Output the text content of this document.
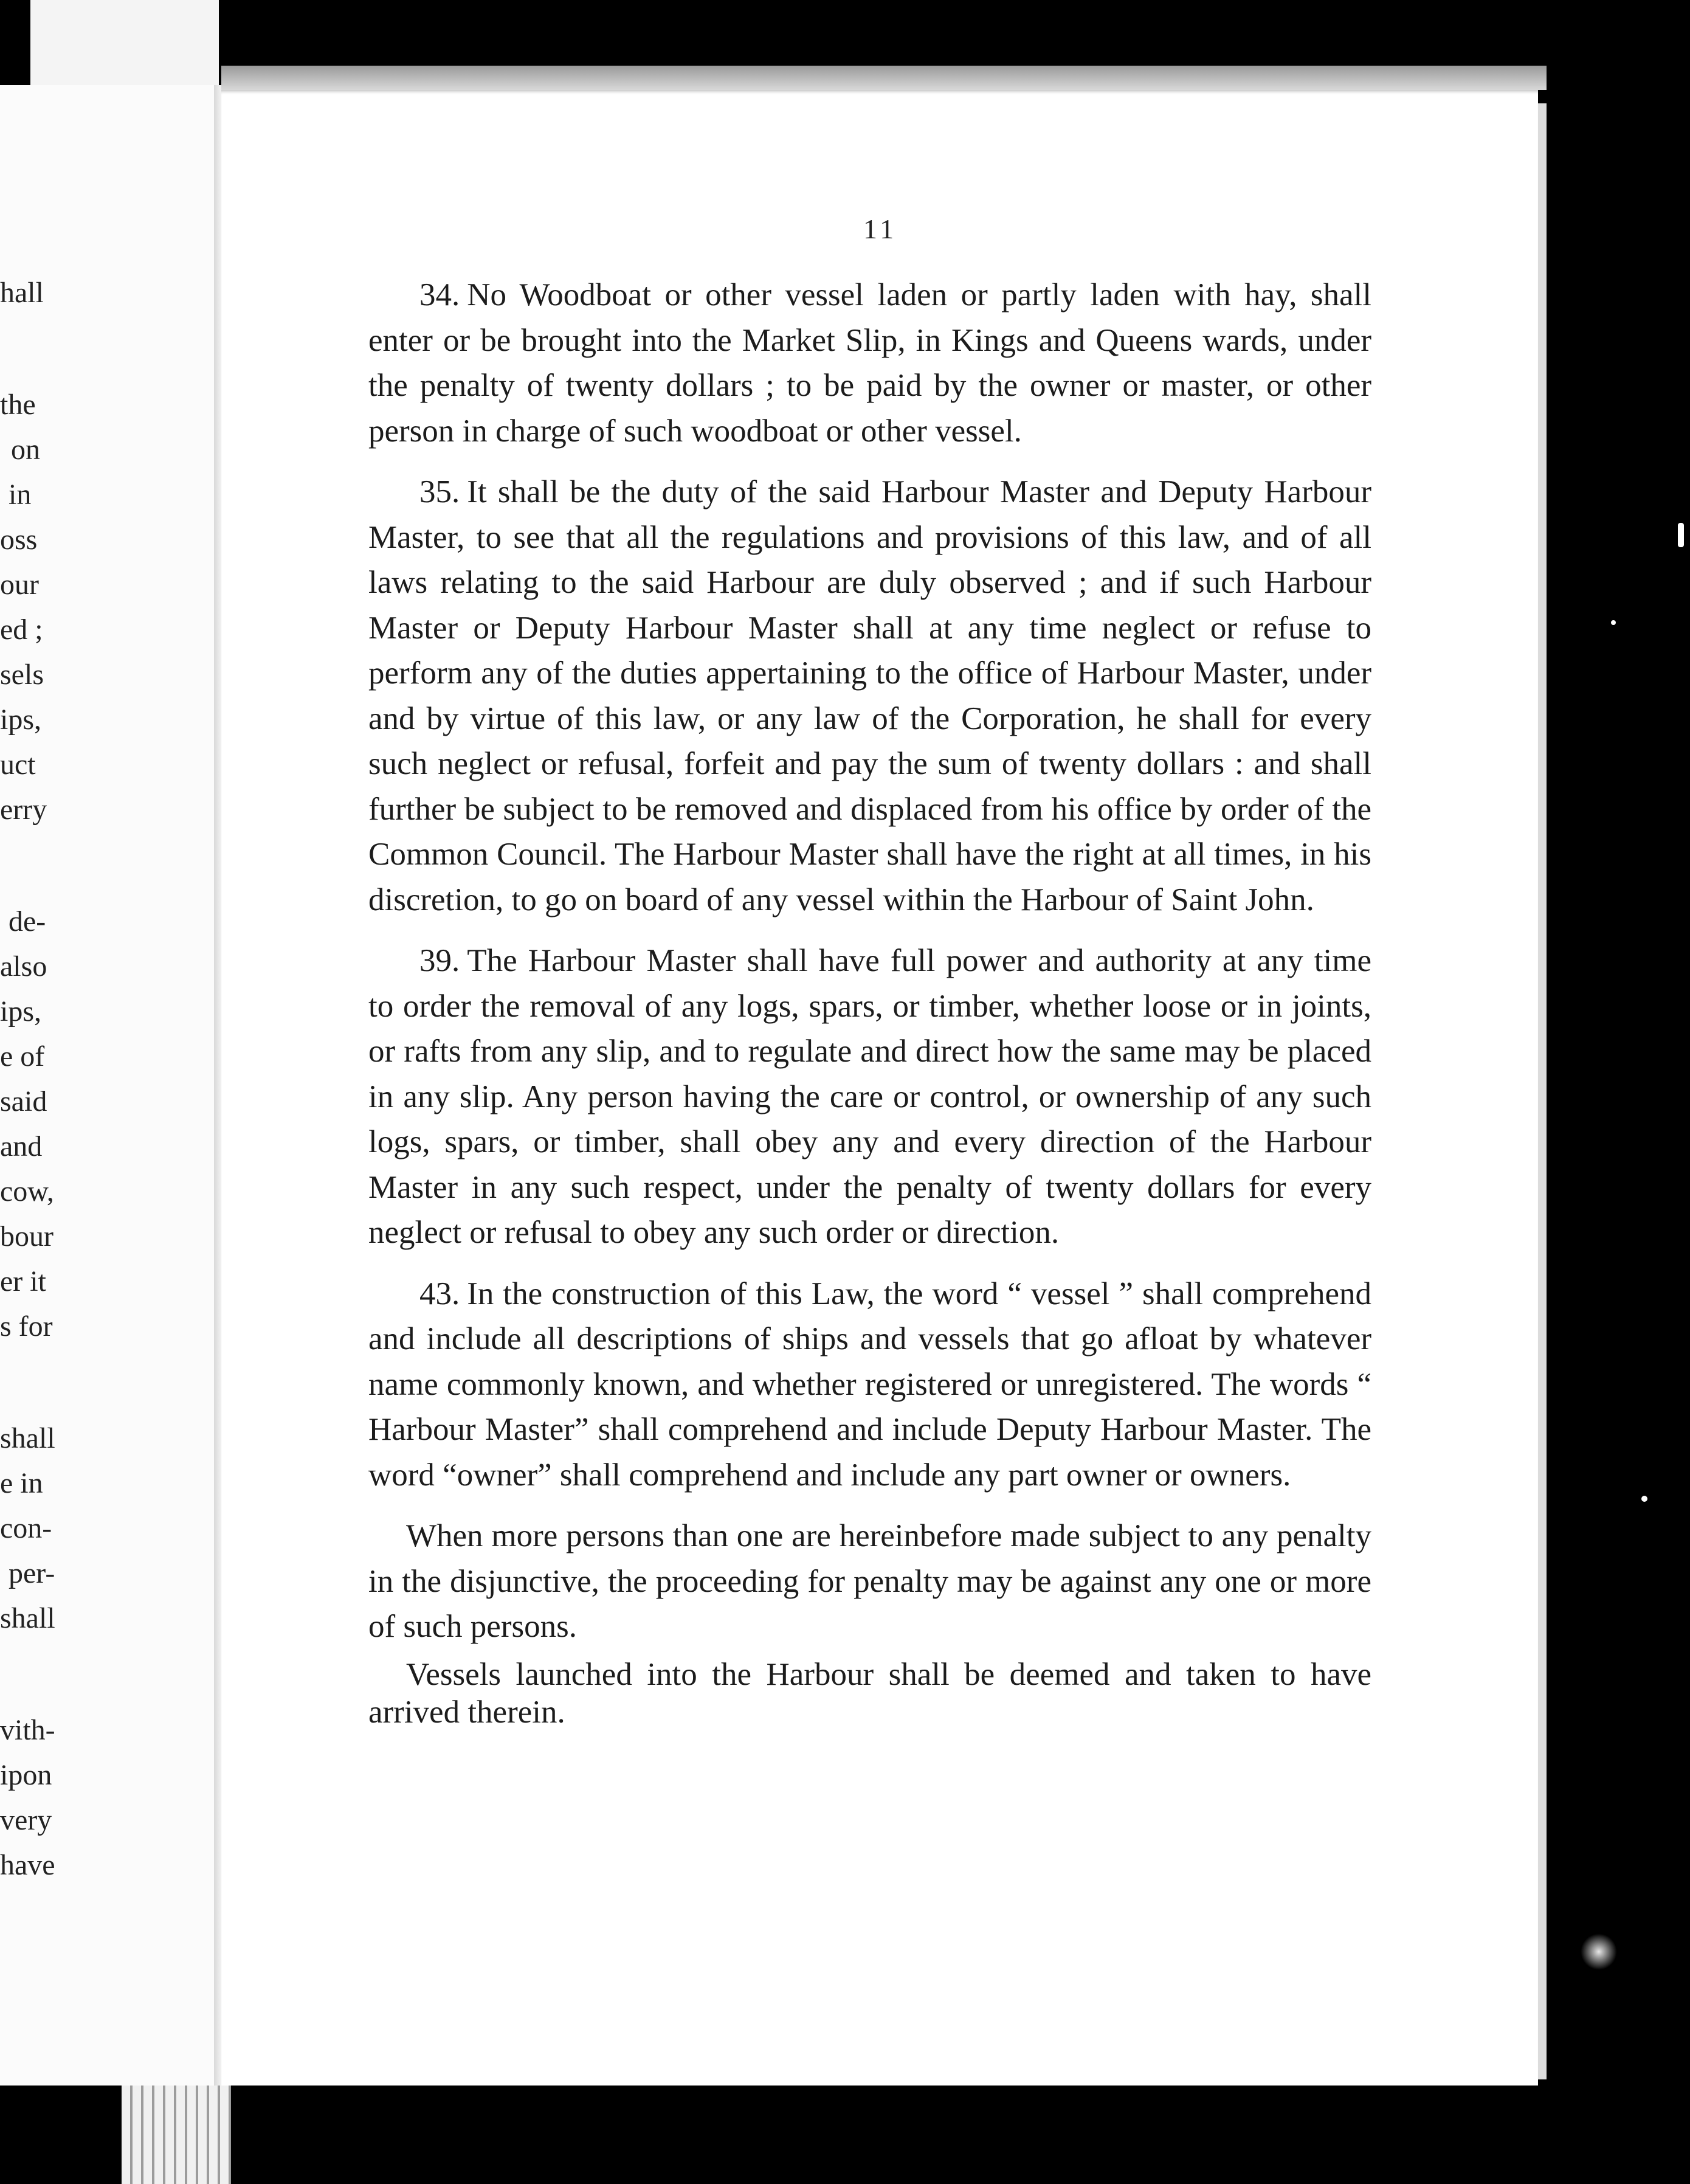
hall
the
on
in
oss
our
ed ;
sels
ips,
uct
erry
de-
also
ips,
e of
said
and
cow,
bour
er it
s for
shall
e in
con-
per-
shall
vith-
ipon
very
have

11

34. No Woodboat or other vessel laden or partly laden with hay, shall enter or be brought into the Market Slip, in Kings and Queens wards, under the penalty of twenty dollars ; to be paid by the owner or master, or other person in charge of such woodboat or other vessel.

35. It shall be the duty of the said Harbour Master and Deputy Harbour Master, to see that all the regulations and provisions of this law, and of all laws relating to the said Harbour are duly observed ; and if such Harbour Master or Deputy Harbour Master shall at any time neglect or refuse to perform any of the duties appertaining to the office of Harbour Master, under and by virtue of this law, or any law of the Corporation, he shall for every such neglect or refusal, forfeit and pay the sum of twenty dollars : and shall further be subject to be removed and displaced from his office by order of the Common Council. The Harbour Master shall have the right at all times, in his discretion, to go on board of any vessel within the Harbour of Saint John.

39. The Harbour Master shall have full power and authority at any time to order the removal of any logs, spars, or timber, whether loose or in joints, or rafts from any slip, and to regulate and direct how the same may be placed in any slip. Any person having the care or control, or ownership of any such logs, spars, or timber, shall obey any and every direction of the Harbour Master in any such respect, under the penalty of twenty dollars for every neglect or refusal to obey any such order or direction.

43. In the construction of this Law, the word “ vessel ” shall comprehend and include all descriptions of ships and vessels that go afloat by whatever name commonly known, and whether registered or unregistered. The words “ Harbour Master” shall comprehend and include Deputy Harbour Master. The word “owner” shall comprehend and include any part owner or owners.

When more persons than one are hereinbefore made subject to any penalty in the disjunctive, the proceeding for penalty may be against any one or more of such persons.

Vessels launched into the Harbour shall be deemed and taken to have arrived therein.
